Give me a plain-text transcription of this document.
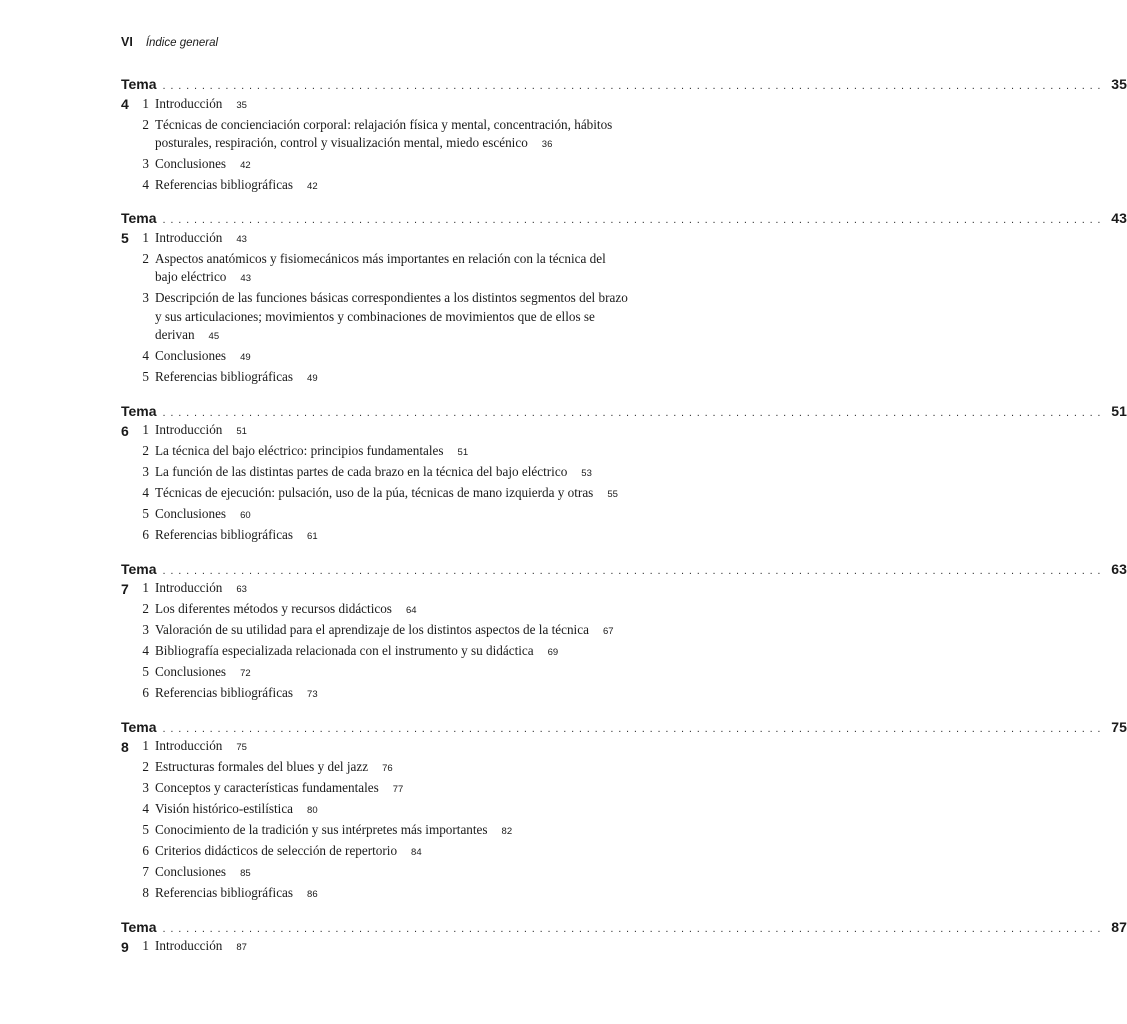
VI Índice general
Tema 4
........................................................................................................................ 35
1 Introducción 35
2 Técnicas de concienciación corporal: relajación física y mental, concentración, hábitos posturales, respiración, control y visualización mental, miedo escénico 36
3 Conclusiones 42
4 Referencias bibliográficas 42
Tema 5
........................................................................................................................ 43
1 Introducción 43
2 Aspectos anatómicos y fisiomecánicos más importantes en relación con la técnica del bajo eléctrico 43
3 Descripción de las funciones básicas correspondientes a los distintos segmentos del brazo y sus articulaciones; movimientos y combinaciones de movimientos que de ellos se derivan 45
4 Conclusiones 49
5 Referencias bibliográficas 49
Tema 6
........................................................................................................................ 51
1 Introducción 51
2 La técnica del bajo eléctrico: principios fundamentales 51
3 La función de las distintas partes de cada brazo en la técnica del bajo eléctrico 53
4 Técnicas de ejecución: pulsación, uso de la púa, técnicas de mano izquierda y otras 55
5 Conclusiones 60
6 Referencias bibliográficas 61
Tema 7
........................................................................................................................ 63
1 Introducción 63
2 Los diferentes métodos y recursos didácticos 64
3 Valoración de su utilidad para el aprendizaje de los distintos aspectos de la técnica 67
4 Bibliografía especializada relacionada con el instrumento y su didáctica 69
5 Conclusiones 72
6 Referencias bibliográficas 73
Tema 8
........................................................................................................................ 75
1 Introducción 75
2 Estructuras formales del blues y del jazz 76
3 Conceptos y características fundamentales 77
4 Visión histórico-estilística 80
5 Conocimiento de la tradición y sus intérpretes más importantes 82
6 Criterios didácticos de selección de repertorio 84
7 Conclusiones 85
8 Referencias bibliográficas 86
Tema 9
........................................................................................................................ 87
1 Introducción 87
